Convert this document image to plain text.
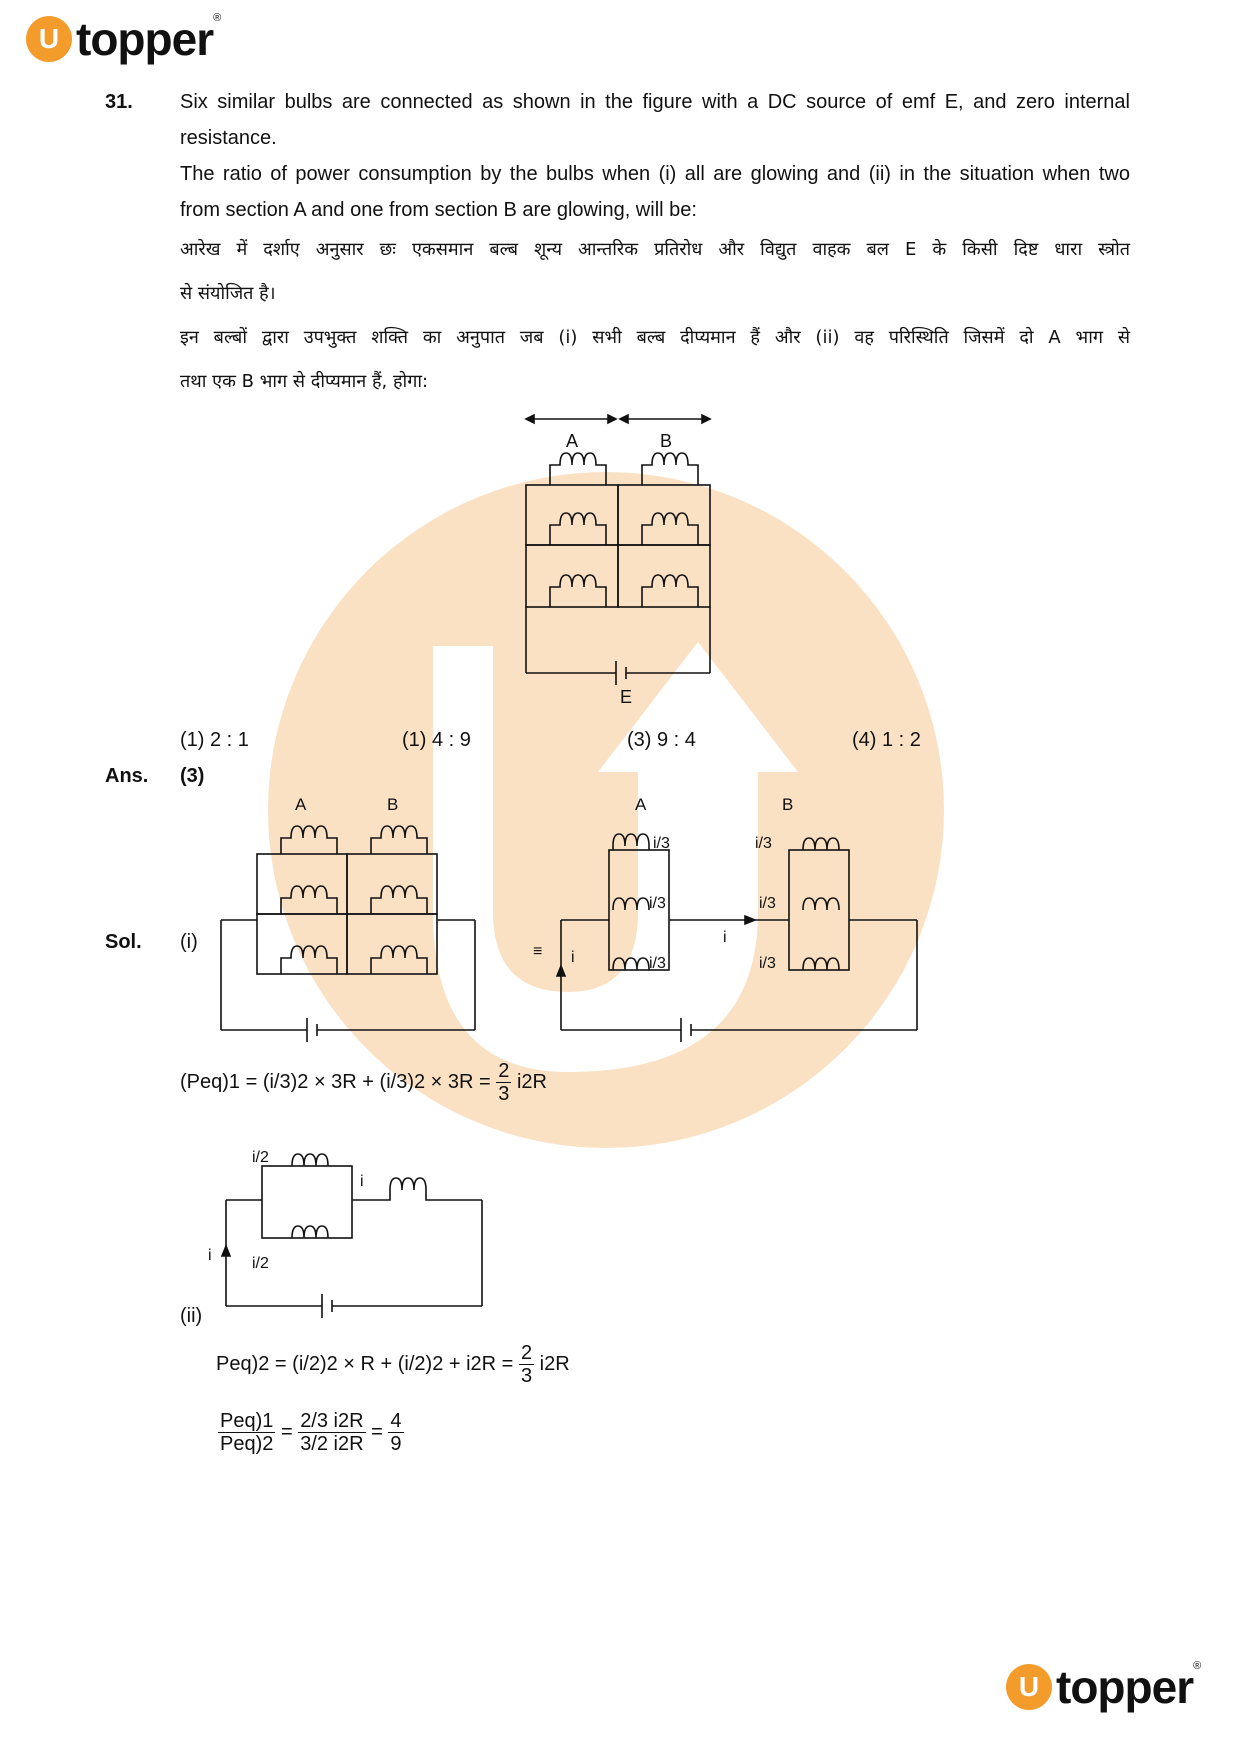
U topper®
31. Six similar bulbs are connected as shown in the figure with a DC source of emf E, and zero internal
resistance.
The ratio of power consumption by the bulbs when (i) all are glowing and (ii) in the situation when two
from section A and one from section B are glowing, will be:
आरेख में दर्शाए अनुसार छः एकसमान बल्ब शून्य आन्तरिक प्रतिरोध और विद्युत वाहक बल E के किसी दिष्ट धारा स्त्रोत
से संयोजित है।
इन बल्बों द्वारा उपभुक्त शक्ति का अनुपात जब (i) सभी बल्ब दीप्यमान हैं और (ii) वह परिस्थिति जिसमें दो A भाग से
तथा एक B भाग से दीप्यमान हैं, होगा:
A	B
E
(1) 2 : 1	(1) 4 : 9	(3) 9 : 4	(4) 1 : 2
Ans. (3)
Sol. (i)
A	B
≡
A	B
i
i
i/3
i/3
i/3
i/3
i/3
i/3
$(Peq)1 = (i/3)2 \times 3R + (i/3)2 \times 3R = \frac{2}{3} i2R$
i/2
i/2
i
i
(ii)
$Peq)2 = (i/2)2 \times R + (i/2)2 + i2R = \frac{2}{3} i2R$
$\frac{\text{Peq)1}}{\text{Peq)2}} = \frac{2/3 i2R}{3/2 i2R} = \frac{4}{9}$
U topper®
